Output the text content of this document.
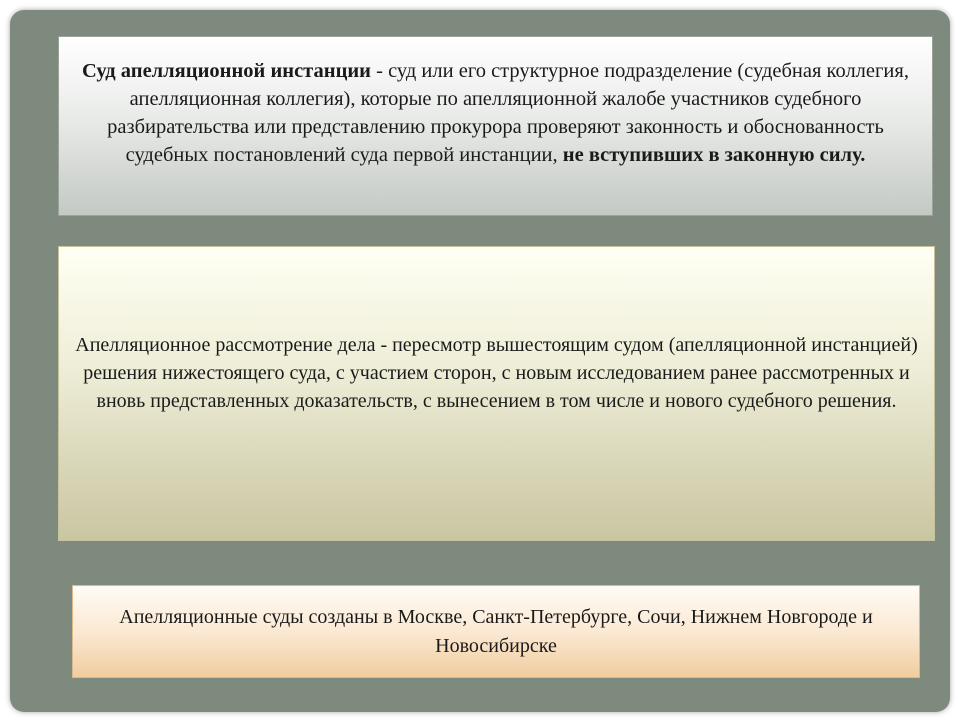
Суд апелляционной инстанции - суд или его структурное подразделение (судебная коллегия, апелляционная коллегия), которые по апелляционной жалобе участников судебного разбирательства или представлению прокурора проверяют законность и обоснованность судебных постановлений суда первой инстанции, не вступивших в законную силу.
Апелляционное рассмотрение дела - пересмотр вышестоящим судом (апелляционной инстанцией) решения нижестоящего суда, с участием сторон, с новым исследованием ранее рассмотренных и вновь представленных доказательств, с вынесением в том числе и нового судебного решения.
Апелляционные суды созданы в Москве, Санкт-Петербурге, Сочи, Нижнем Новгороде и Новосибирске
